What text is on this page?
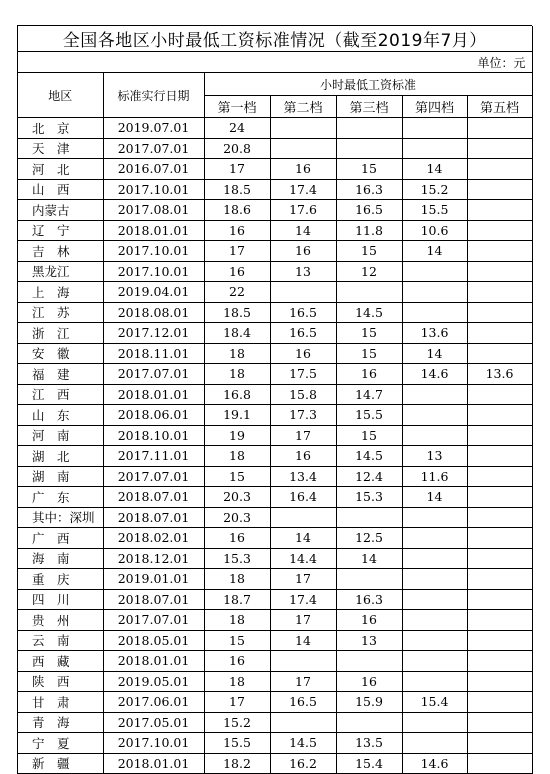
全国各地区小时最低工资标准情况（截至2019年7月）						
单位：元						
地区	标准实行日期	小时最低工资标准				
		第一档	第二档	第三档	第四档	第五档
北　京	2019.07.01	24				
天　津	2017.07.01	20.8				
河　北	2016.07.01	17	16	15	14	
山　西	2017.10.01	18.5	17.4	16.3	15.2	
内蒙古	2017.08.01	18.6	17.6	16.5	15.5	
辽　宁	2018.01.01	16	14	11.8	10.6	
吉　林	2017.10.01	17	16	15	14	
黑龙江	2017.10.01	16	13	12		
上　海	2019.04.01	22				
江　苏	2018.08.01	18.5	16.5	14.5		
浙　江	2017.12.01	18.4	16.5	15	13.6	
安　徽	2018.11.01	18	16	15	14	
福　建	2017.07.01	18	17.5	16	14.6	13.6
江　西	2018.01.01	16.8	15.8	14.7		
山　东	2018.06.01	19.1	17.3	15.5		
河　南	2018.10.01	19	17	15		
湖　北	2017.11.01	18	16	14.5	13	
湖　南	2017.07.01	15	13.4	12.4	11.6	
广　东	2018.07.01	20.3	16.4	15.3	14	
其中：深圳	2018.07.01	20.3				
广　西	2018.02.01	16	14	12.5		
海　南	2018.12.01	15.3	14.4	14		
重　庆	2019.01.01	18	17			
四　川	2018.07.01	18.7	17.4	16.3		
贵　州	2017.07.01	18	17	16		
云　南	2018.05.01	15	14	13		
西　藏	2018.01.01	16				
陕　西	2019.05.01	18	17	16		
甘　肃	2017.06.01	17	16.5	15.9	15.4	
青　海	2017.05.01	15.2				
宁　夏	2017.10.01	15.5	14.5	13.5		
新　疆	2018.01.01	18.2	16.2	15.4	14.6	
